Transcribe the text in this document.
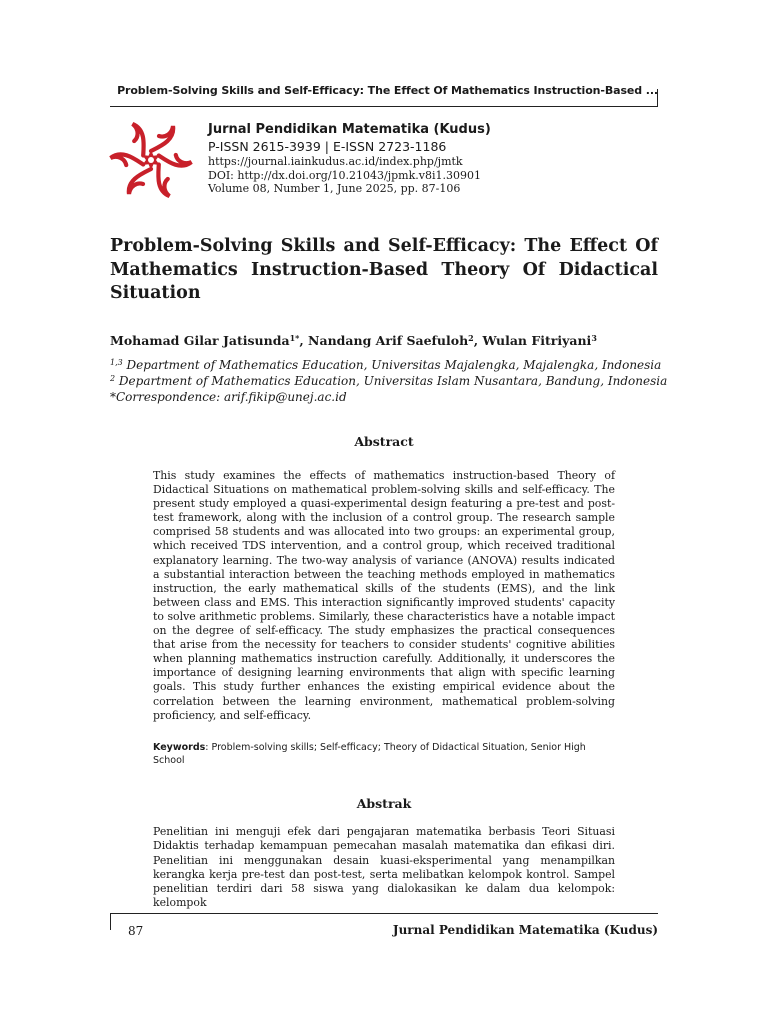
Problem-Solving Skills and Self-Efficacy: The Effect Of Mathematics Instruction-Based ...
Jurnal Pendidikan Matematika (Kudus)
P-ISSN 2615-3939 | E-ISSN 2723-1186
https://journal.iainkudus.ac.id/index.php/jmtk
DOI: http://dx.doi.org/10.21043/jpmk.v8i1.30901
Volume 08, Number 1, June 2025, pp. 87-106
Problem-Solving Skills and Self-Efficacy: The Effect Of Mathematics Instruction-Based Theory Of Didactical Situation
Mohamad Gilar Jatisunda$^{1*}$, Nandang Arif Saefuloh$^2$, Wulan Fitriyani$^3$
$^{1,3}$ Department of Mathematics Education, Universitas Majalengka, Majalengka, Indonesia
$^2$ Department of Mathematics Education, Universitas Islam Nusantara, Bandung, Indonesia
*Correspondence: arif.fikip@unej.ac.id
Abstract
This study examines the effects of mathematics instruction-based Theory of Didactical Situations on mathematical problem-solving skills and self-efficacy. The present study employed a quasi-experimental design featuring a pre-test and post-test framework, along with the inclusion of a control group. The research sample comprised 58 students and was allocated into two groups: an experimental group, which received TDS intervention, and a control group, which received traditional explanatory learning. The two-way analysis of variance (ANOVA) results indicated a substantial interaction between the teaching methods employed in mathematics instruction, the early mathematical skills of the students (EMS), and the link between class and EMS. This interaction significantly improved students' capacity to solve arithmetic problems. Similarly, these characteristics have a notable impact on the degree of self-efficacy. The study emphasizes the practical consequences that arise from the necessity for teachers to consider students' cognitive abilities when planning mathematics instruction carefully. Additionally, it underscores the importance of designing learning environments that align with specific learning goals. This study further enhances the existing empirical evidence about the correlation between the learning environment, mathematical problem-solving proficiency, and self-efficacy.
Keywords: Problem-solving skills; Self-efficacy; Theory of Didactical Situation, Senior High School
Abstrak
Penelitian ini menguji efek dari pengajaran matematika berbasis Teori Situasi Didaktis terhadap kemampuan pemecahan masalah matematika dan efikasi diri. Penelitian ini menggunakan desain kuasi-eksperimental yang menampilkan kerangka kerja pre-test dan post-test, serta melibatkan kelompok kontrol. Sampel penelitian terdiri dari 58 siswa yang dialokasikan ke dalam dua kelompok: kelompok
87	Jurnal Pendidikan Matematika (Kudus)
